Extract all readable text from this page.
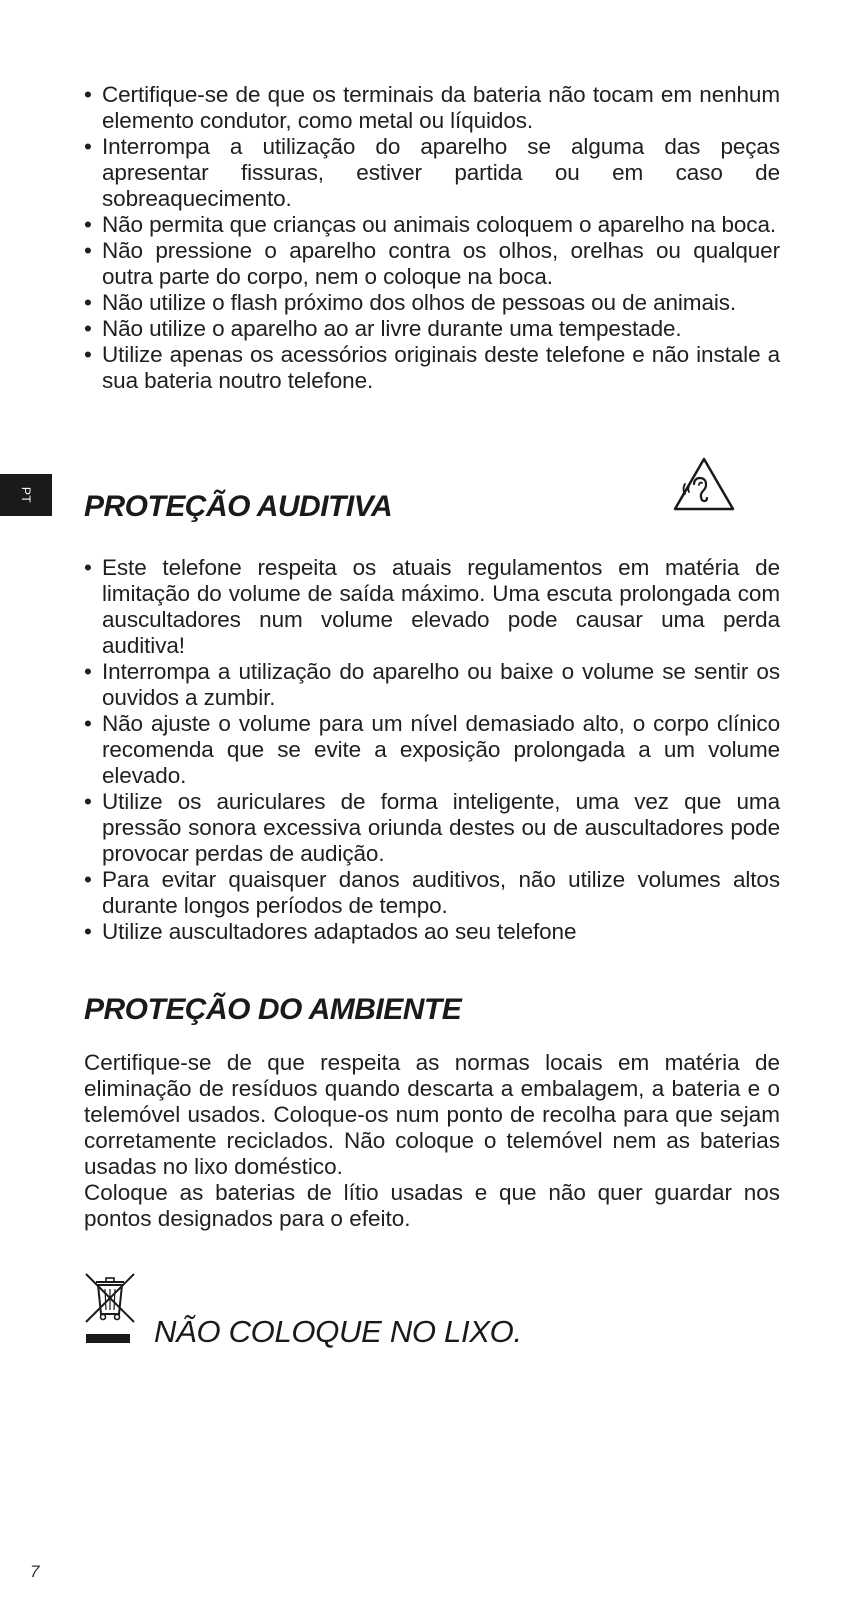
• Certifique-se de que os terminais da bateria não tocam em nenhum elemento condutor, como metal ou líquidos.
• Interrompa a utilização do aparelho se alguma das peças apresentar fissuras, estiver partida ou em caso de sobreaquecimento.
• Não permita que crianças ou animais coloquem o aparelho na boca.
• Não pressione o aparelho contra os olhos, orelhas ou qualquer outra parte do corpo, nem o coloque na boca.
• Não utilize o flash próximo dos olhos de pessoas ou de animais.
• Não utilize o aparelho ao ar livre durante uma tempestade.
• Utilize apenas os acessórios originais deste telefone e não instale a sua bateria noutro telefone.
PT PROTEÇÃO AUDITIVA
• Este telefone respeita os atuais regulamentos em matéria de limitação do volume de saída máximo. Uma escuta prolongada com auscultadores num volume elevado pode causar uma perda auditiva!
• Interrompa a utilização do aparelho ou baixe o volume se sentir os ouvidos a zumbir.
• Não ajuste o volume para um nível demasiado alto, o corpo clínico recomenda que se evite a exposição prolongada a um volume elevado.
• Utilize os auriculares de forma inteligente, uma vez que uma pressão sonora excessiva oriunda destes ou de auscultadores pode provocar perdas de audição.
• Para evitar quaisquer danos auditivos, não utilize volumes altos durante longos períodos de tempo.
• Utilize auscultadores adaptados ao seu telefone
PROTEÇÃO DO AMBIENTE

Certifique-se de que respeita as normas locais em matéria de eliminação de resíduos quando descarta a embalagem, a bateria e o telemóvel usados. Coloque-os num ponto de recolha para que sejam corretamente reciclados. Não coloque o telemóvel nem as baterias usadas no lixo doméstico.

Coloque as baterias de lítio usadas e que não quer guardar nos pontos designados para o efeito.

NÃO COLOQUE NO LIXO.
7
